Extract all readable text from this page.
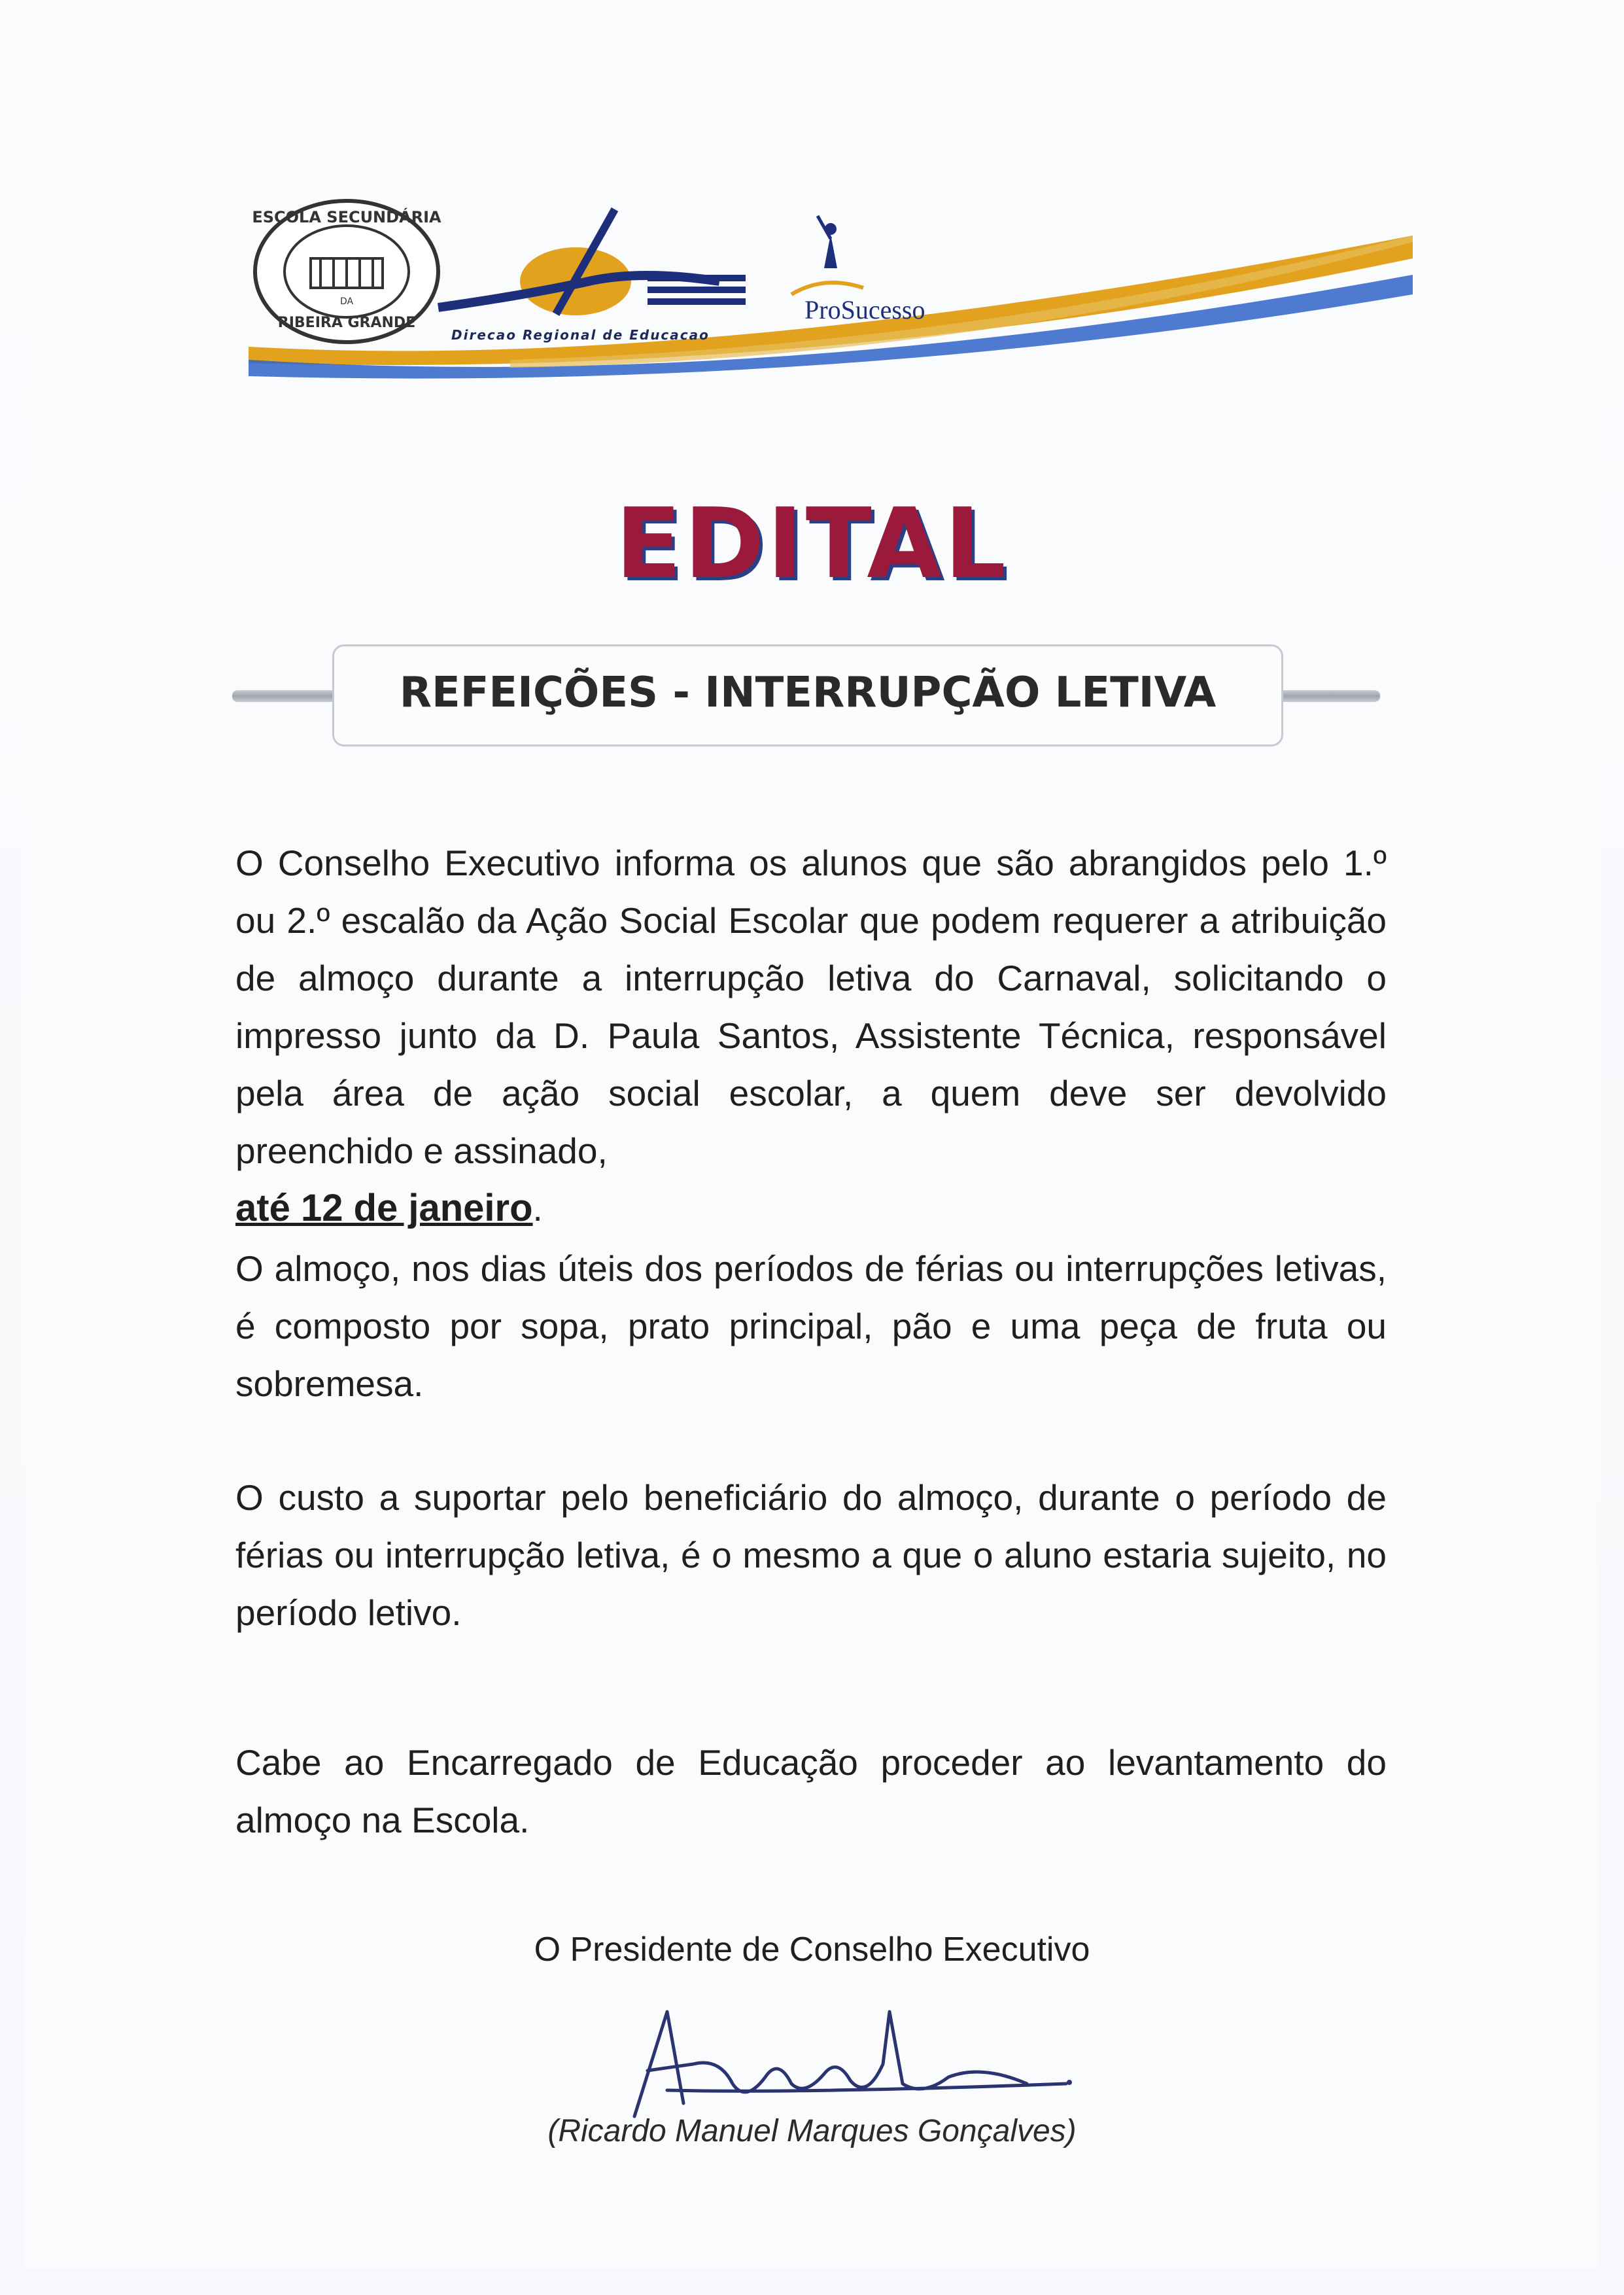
ESCOLA SECUNDÁRIA
RIBEIRA GRANDE
DA
Direcao Regional de Educacao
ProSucesso
EDITAL
REFEIÇÕES - INTERRUPÇÃO LETIVA
O Conselho Executivo informa os alunos que são abrangidos pelo 1.º ou 2.º escalão da Ação Social Escolar que podem requerer a atribuição de almoço durante a interrupção letiva do Carnaval, solicitando o impresso junto da D. Paula Santos, Assistente Técnica, responsável pela área de ação social escolar, a quem deve ser devolvido preenchido e assinado,
até 12 de janeiro.
O almoço, nos dias úteis dos períodos de férias ou interrupções letivas, é composto por sopa, prato principal, pão e uma peça de fruta ou sobremesa.
O custo a suportar pelo beneficiário do almoço, durante o período de férias ou interrupção letiva, é o mesmo a que o aluno estaria sujeito, no período letivo.
Cabe ao Encarregado de Educação proceder ao levantamento do almoço na Escola.
O Presidente de Conselho Executivo
(Ricardo Manuel Marques Gonçalves)
